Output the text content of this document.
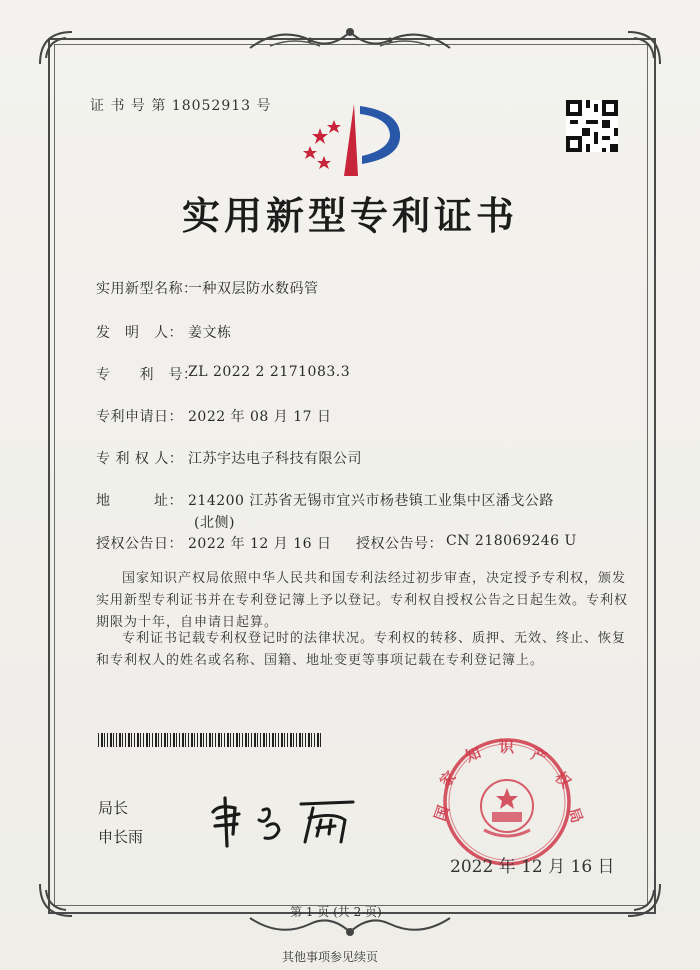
证 书 号 第 18052913 号
实用新型专利证书
实用新型名称：
一种双层防水数码管
发　明　人： 姜文栋
专　　利　号：
ZL 2022 2 2171083.3
专利申请日： 2022 年 08 月 17 日
专 利 权 人： 江苏宇达电子科技有限公司
地　　　址： 214200 江苏省无锡市宜兴市杨巷镇工业集中区潘戈公路
(北侧)
授权公告日： 2022 年 12 月 16 日 授权公告号： CN 218069246 U
国家知识产权局依照中华人民共和国专利法经过初步审查，决定授予专利权，颁发实用新型专利证书并在专利登记簿上予以登记。专利权自授权公告之日起生效。专利权期限为十年，自申请日起算。
专利证书记载专利权登记时的法律状况。专利权的转移、质押、无效、终止、恢复和专利权人的姓名或名称、国籍、地址变更等事项记载在专利登记簿上。
局长
申长雨
国
家
知 识 产
权
局
2022 年 12 月 16 日
第 1 页 (共 2 页)
其他事项参见续页
